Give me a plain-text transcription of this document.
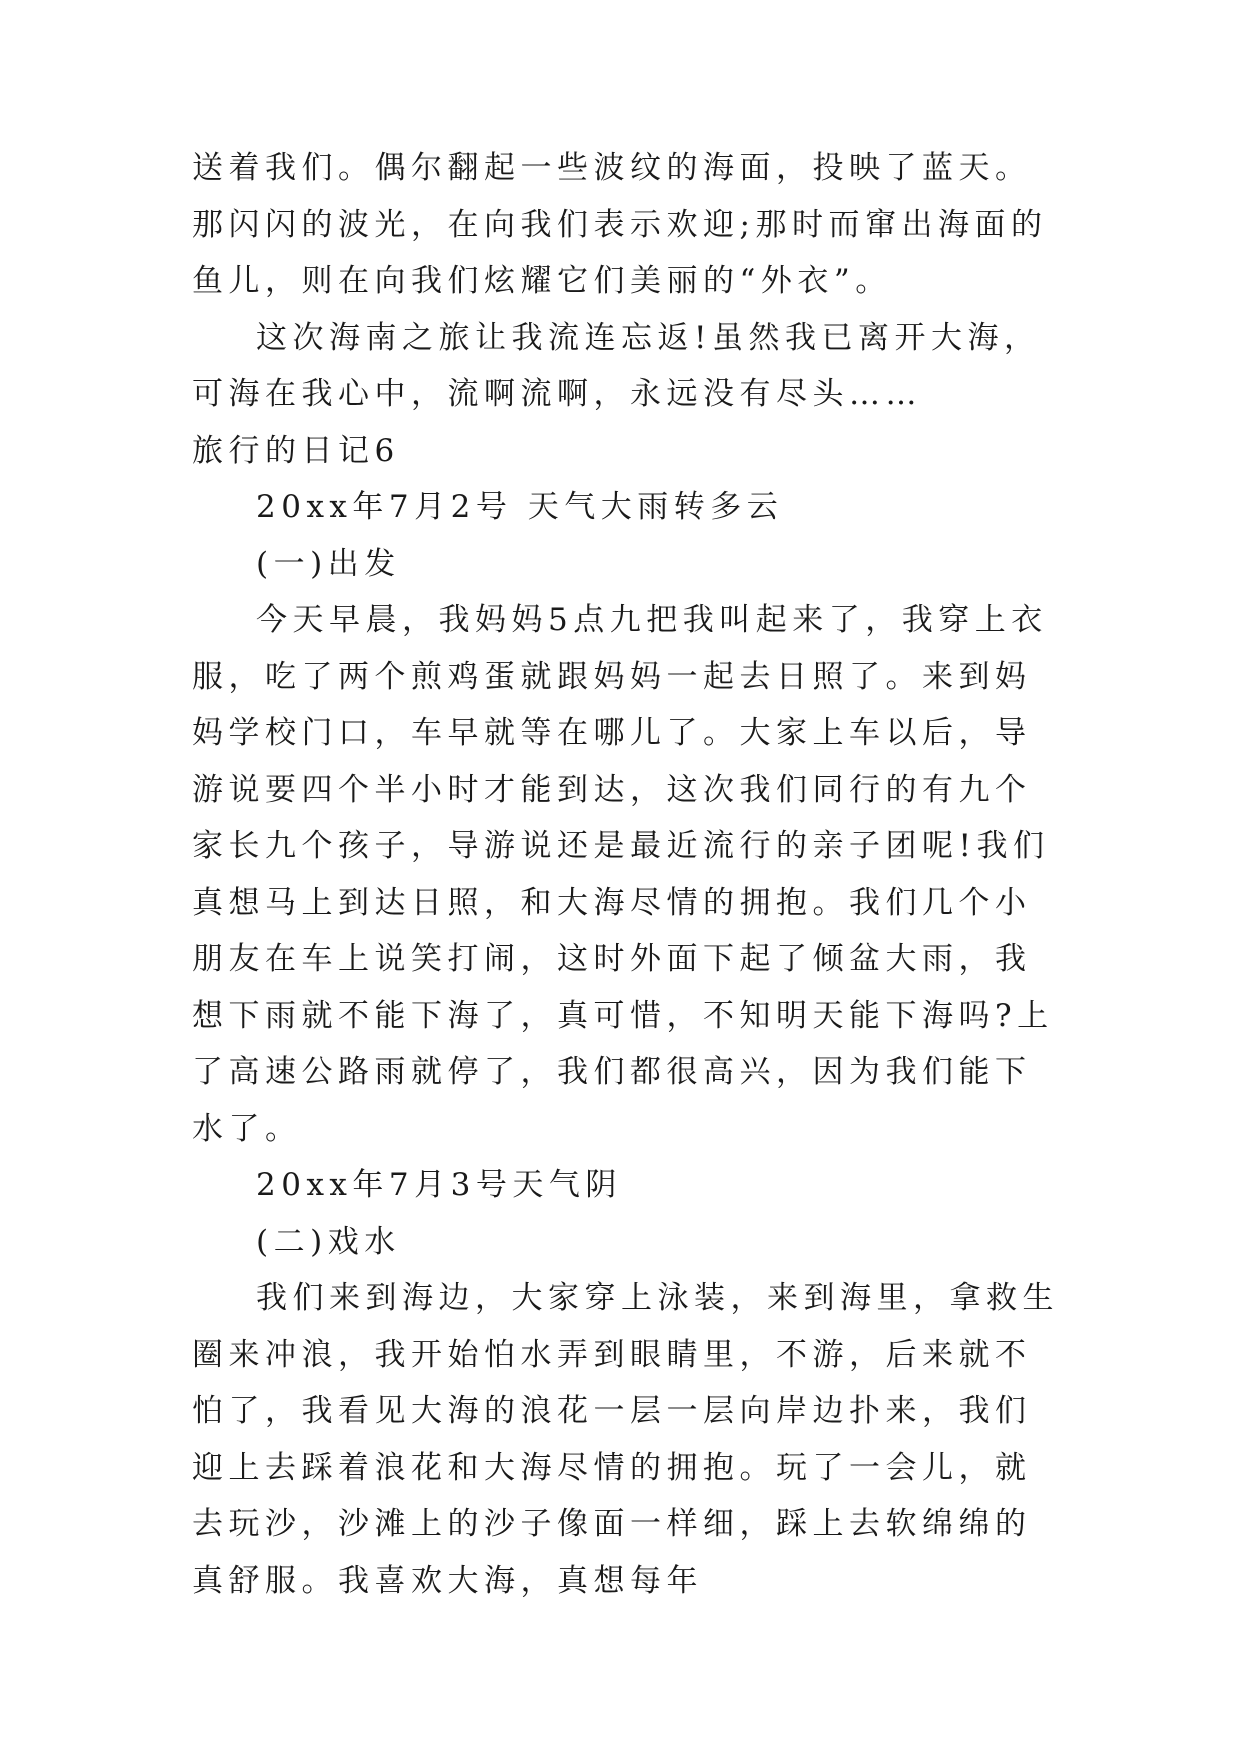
送着我们。偶尔翻起一些波纹的海面，投映了蓝天。那闪闪的波光，在向我们表示欢迎;那时而窜出海面的鱼儿，则在向我们炫耀它们美丽的“外衣”。

这次海南之旅让我流连忘返!虽然我已离开大海，可海在我心中，流啊流啊，永远没有尽头……

旅行的日记6

20xx年7月2号 天气大雨转多云

(一)出发

今天早晨，我妈妈5点九把我叫起来了，我穿上衣服，吃了两个煎鸡蛋就跟妈妈一起去日照了。来到妈妈学校门口，车早就等在哪儿了。大家上车以后，导游说要四个半小时才能到达，这次我们同行的有九个家长九个孩子，导游说还是最近流行的亲子团呢!我们真想马上到达日照，和大海尽情的拥抱。我们几个小朋友在车上说笑打闹，这时外面下起了倾盆大雨，我想下雨就不能下海了，真可惜，不知明天能下海吗?上了高速公路雨就停了，我们都很高兴，因为我们能下水了。

20xx年7月3号天气阴

(二)戏水

我们来到海边，大家穿上泳装，来到海里，拿救生圈来冲浪，我开始怕水弄到眼睛里，不游，后来就不怕了，我看见大海的浪花一层一层向岸边扑来，我们迎上去踩着浪花和大海尽情的拥抱。玩了一会儿，就去玩沙，沙滩上的沙子像面一样细，踩上去软绵绵的真舒服。我喜欢大海，真想每年
